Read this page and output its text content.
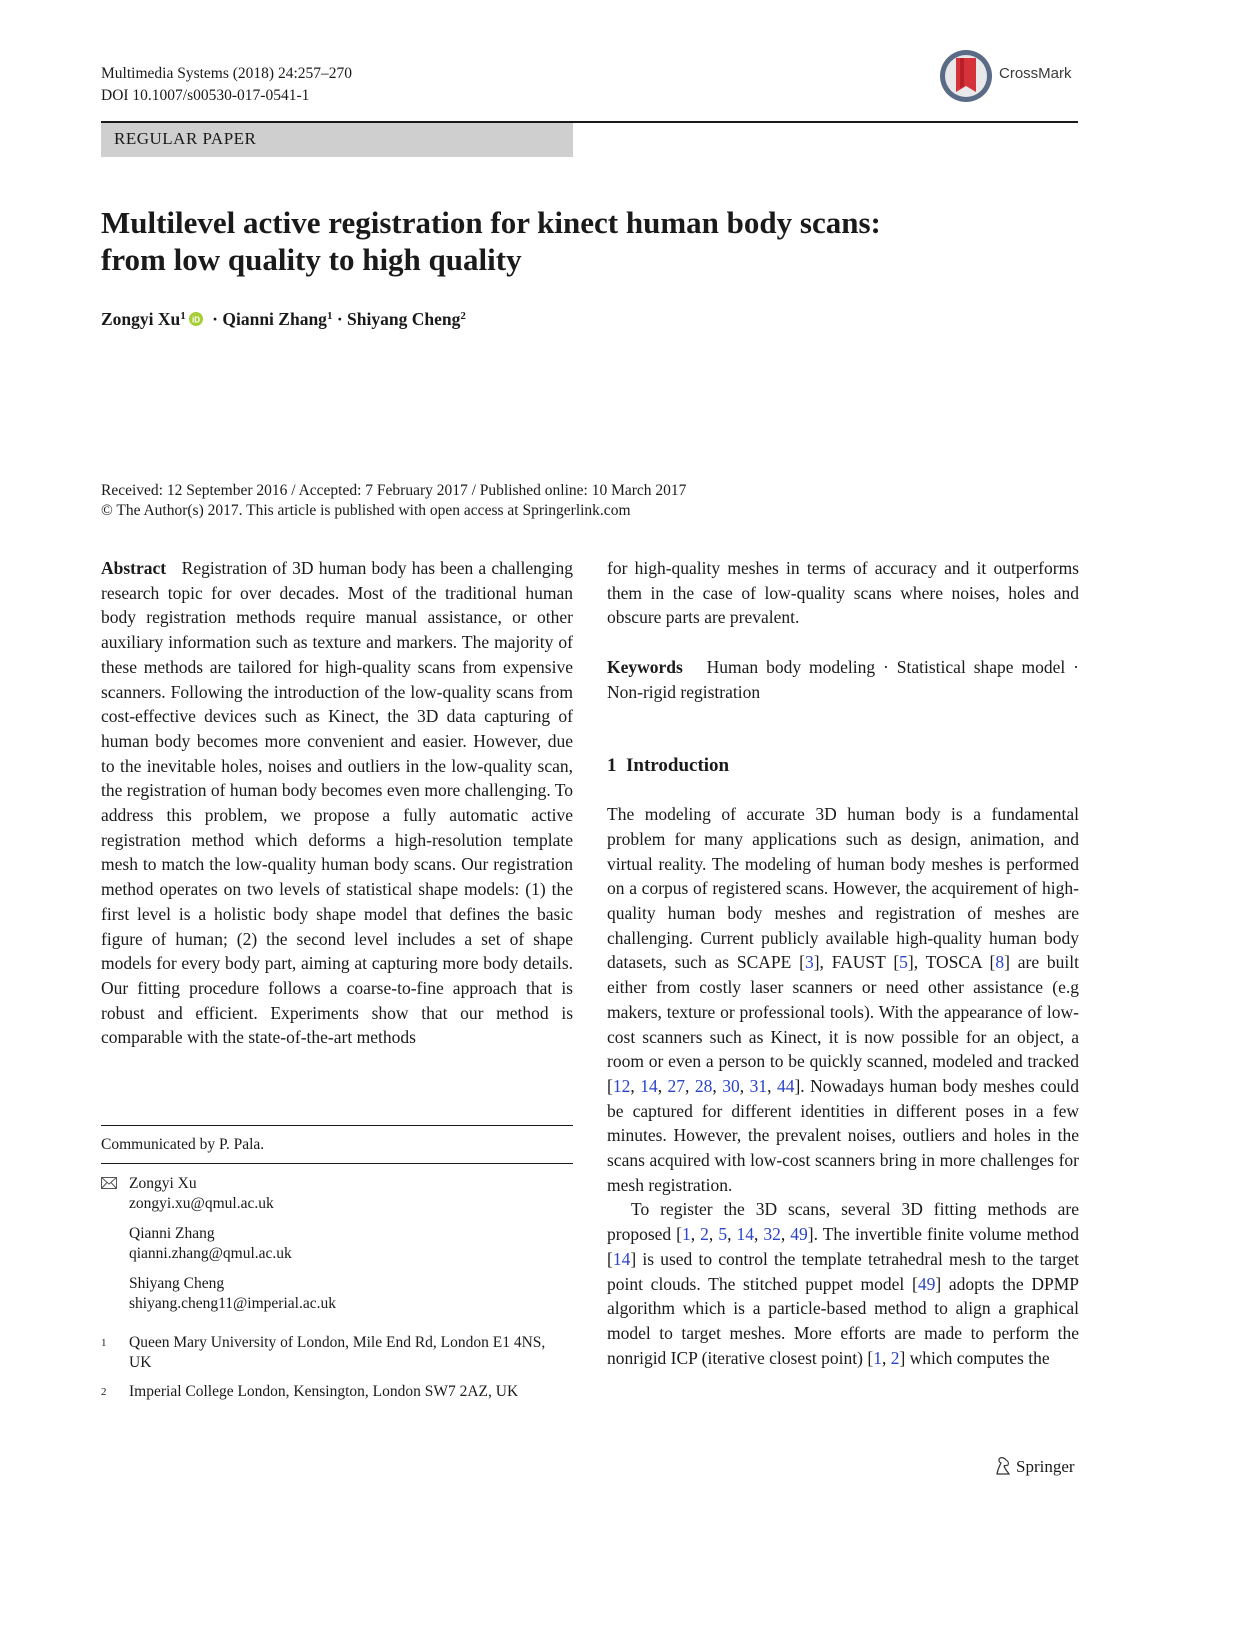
Multimedia Systems (2018) 24:257–270
DOI 10.1007/s00530-017-0541-1
CrossMark
REGULAR PAPER
Multilevel active registration for kinect human body scans:
from low quality to high quality
Zongyi Xu$^1$ iD · Qianni Zhang$^1$ · Shiyang Cheng$^2$
Received: 12 September 2016 / Accepted: 7 February 2017 / Published online: 10 March 2017
© The Author(s) 2017. This article is published with open access at Springerlink.com

Abstract Registration of 3D human body has been a challenging research topic for over decades. Most of the traditional human body registration methods require manual assistance, or other auxiliary information such as texture and markers. The majority of these methods are tailored for high-quality scans from expensive scanners. Following the introduction of the low-quality scans from cost-effective devices such as Kinect, the 3D data capturing of human body becomes more convenient and easier. However, due to the inevitable holes, noises and outliers in the low-quality scan, the registration of human body becomes even more challenging. To address this problem, we propose a fully automatic active registration method which deforms a high-resolution template mesh to match the low-quality human body scans. Our registration method operates on two levels of statistical shape models: (1) the first level is a holistic body shape model that defines the basic figure of human; (2) the second level includes a set of shape models for every body part, aiming at capturing more body details. Our fitting procedure follows a coarse-to-fine approach that is robust and efficient. Experiments show that our method is comparable with the state-of-the-art methods

Communicated by P. Pala.
Zongyi Xu
zongyi.xu@qmul.ac.uk
Qianni Zhang
qianni.zhang@qmul.ac.uk
Shiyang Cheng
shiyang.cheng11@imperial.ac.uk
1 Queen Mary University of London, Mile End Rd, London E1 4NS, UK
2 Imperial College London, Kensington, London SW7 2AZ, UK

for high-quality meshes in terms of accuracy and it outperforms them in the case of low-quality scans where noises, holes and obscure parts are prevalent.

Keywords Human body modeling · Statistical shape model · Non-rigid registration

1 Introduction

The modeling of accurate 3D human body is a fundamental problem for many applications such as design, animation, and virtual reality. The modeling of human body meshes is performed on a corpus of registered scans. However, the acquirement of high-quality human body meshes and registration of meshes are challenging. Current publicly available high-quality human body datasets, such as SCAPE [3], FAUST [5], TOSCA [8] are built either from costly laser scanners or need other assistance (e.g makers, texture or professional tools). With the appearance of low-cost scanners such as Kinect, it is now possible for an object, a room or even a person to be quickly scanned, modeled and tracked [12, 14, 27, 28, 30, 31, 44]. Nowadays human body meshes could be captured for different identities in different poses in a few minutes. However, the prevalent noises, outliers and holes in the scans acquired with low-cost scanners bring in more challenges for mesh registration.

To register the 3D scans, several 3D fitting methods are proposed [1, 2, 5, 14, 32, 49]. The invertible finite volume method [14] is used to control the template tetrahedral mesh to the target point clouds. The stitched puppet model [49] adopts the DPMP algorithm which is a particle-based method to align a graphical model to target meshes. More efforts are made to perform the nonrigid ICP (iterative closest point) [1, 2] which computes the

Springer
